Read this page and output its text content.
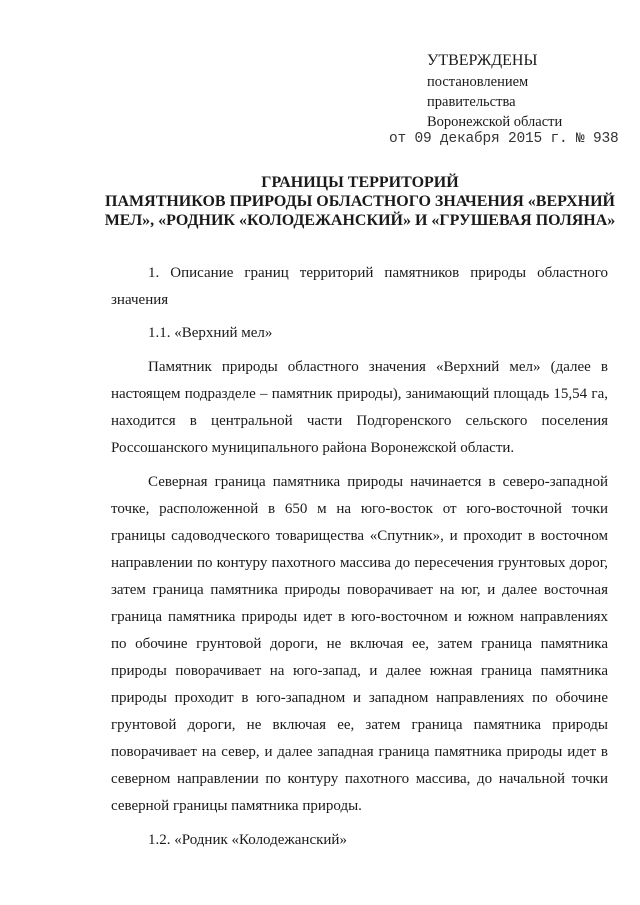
УТВЕРЖДЕНЫ

постановлением

правительства

Воронежской области

от 09 декабря 2015 г. № 938
ГРАНИЦЫ ТЕРРИТОРИЙ
ПАМЯТНИКОВ ПРИРОДЫ ОБЛАСТНОГО ЗНАЧЕНИЯ «ВЕРХНИЙ
МЕЛ», «РОДНИК «КОЛОДЕЖАНСКИЙ» И «ГРУШЕВАЯ ПОЛЯНА»

1. Описание границ территорий памятников природы областного значения

1.1. «Верхний мел»

Памятник природы областного значения «Верхний мел» (далее в настоящем подразделе – памятник природы), занимающий площадь 15,54 га, находится в центральной части Подгоренского сельского поселения Россошанского муниципального района Воронежской области.

Северная граница памятника природы начинается в северо-западной точке, расположенной в 650 м на юго-восток от юго-восточной точки границы садоводческого товарищества «Спутник», и проходит в восточном направлении по контуру пахотного массива до пересечения грунтовых дорог, затем граница памятника природы поворачивает на юг, и далее восточная граница памятника природы идет в юго-восточном и южном направлениях по обочине грунтовой дороги, не включая ее, затем граница памятника природы поворачивает на юго-запад, и далее южная граница памятника природы проходит в юго-западном и западном направлениях по обочине грунтовой дороги, не включая ее, затем граница памятника природы поворачивает на север, и далее западная граница памятника природы идет в северном направлении по контуру пахотного массива, до начальной точки северной границы памятника природы.

1.2. «Родник «Колодежанский»
